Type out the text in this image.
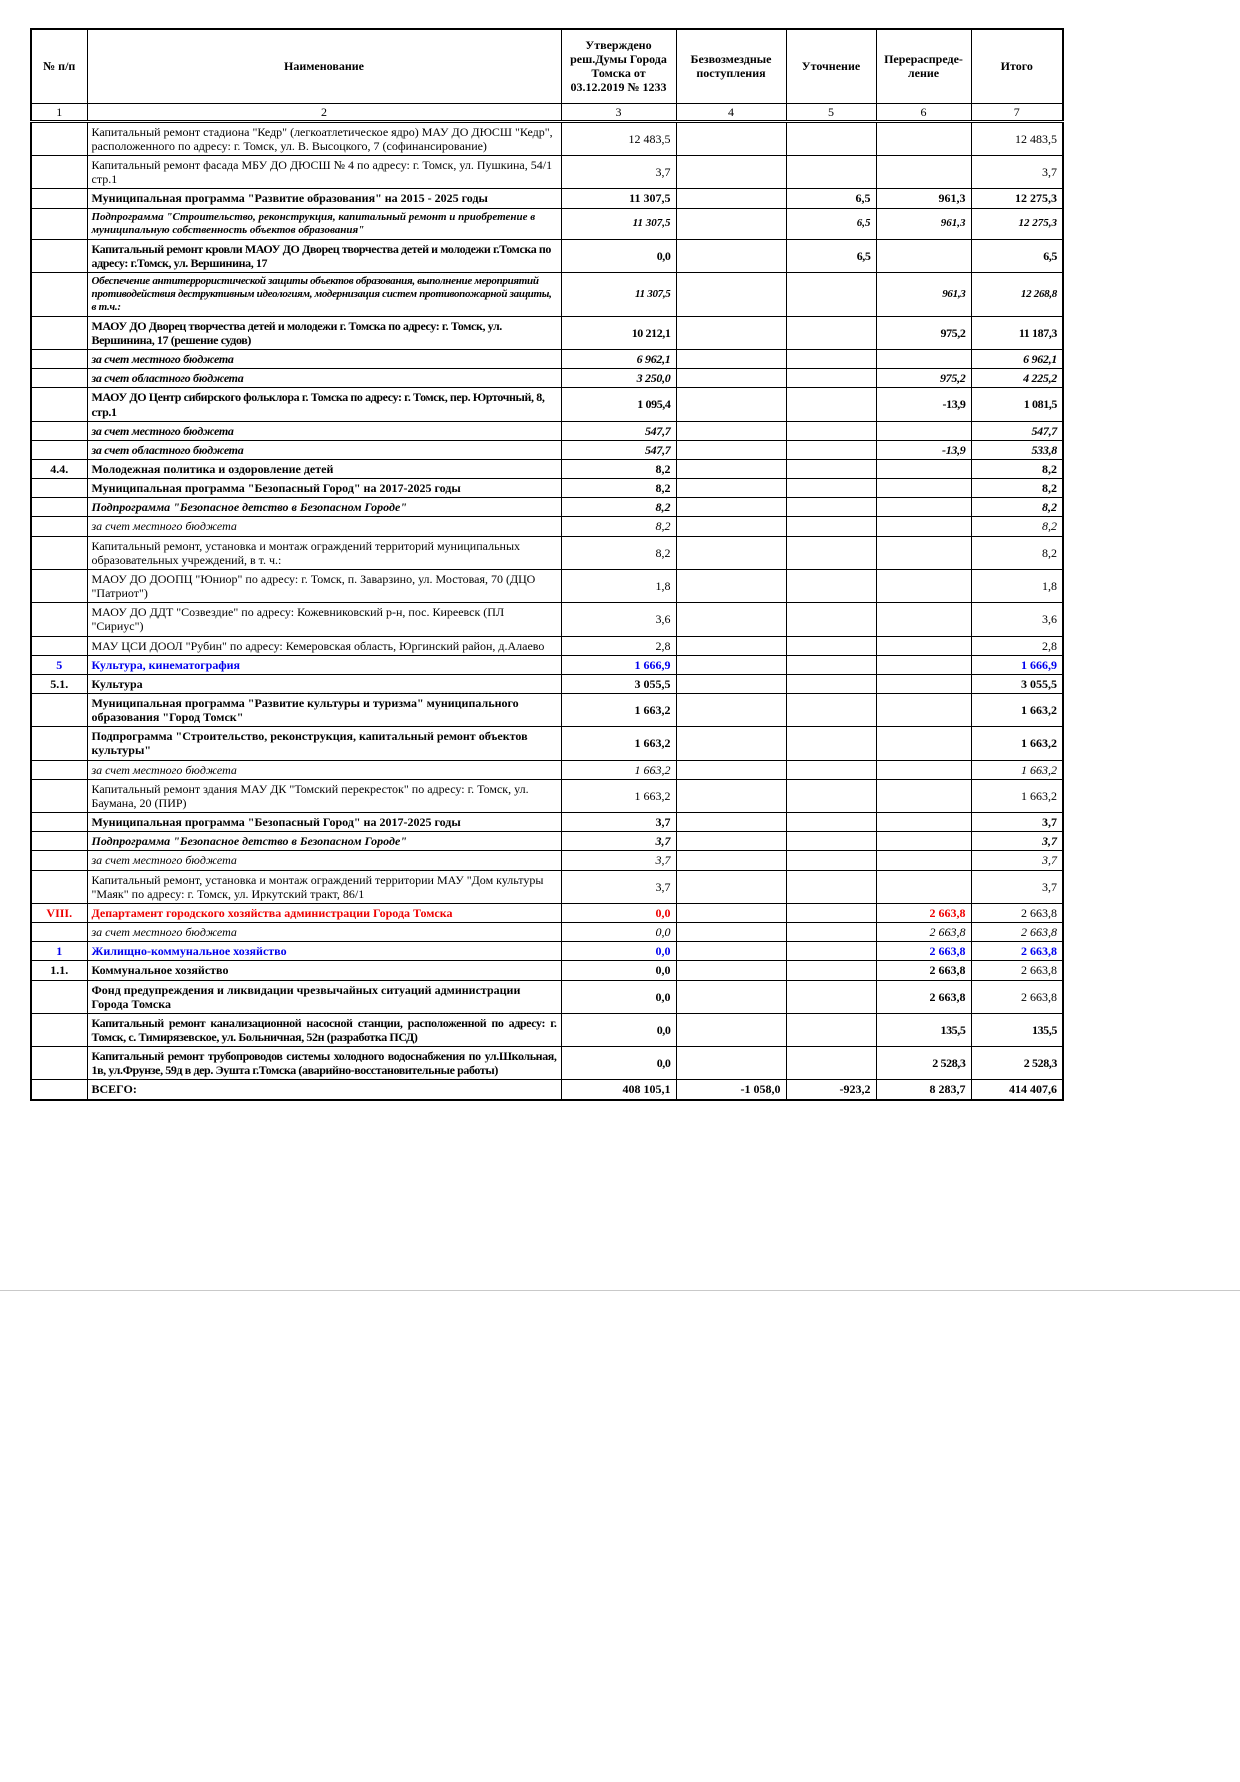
№ п/п	Наименование	Утверждено реш.Думы Города Томска от 03.12.2019 № 1233	Безвозмездные поступления	Уточнение	Перераспреде-ление	Итого
1	2	3	4	5	6	7
	Капитальный ремонт стадиона "Кедр" (легкоатлетическое ядро) МАУ ДО ДЮСШ "Кедр", расположенного по адресу: г. Томск, ул. В. Высоцкого, 7 (софинансирование)	12 483,5				12 483,5
	Капитальный ремонт фасада МБУ ДО ДЮСШ № 4 по адресу: г. Томск, ул. Пушкина, 54/1 стр.1	3,7				3,7
	Муниципальная программа "Развитие образования" на 2015 - 2025 годы	11 307,5		6,5	961,3	12 275,3
	Подпрограмма "Строительство, реконструкция, капитальный ремонт и приобретение в муниципальную собственность объектов образования"	11 307,5		6,5	961,3	12 275,3
	Капитальный ремонт кровли МАОУ ДО Дворец творчества детей и молодежи г.Томска по адресу: г.Томск, ул. Вершинина, 17	0,0		6,5		6,5
	Обеспечение антитеррористической защиты объектов образования, выполнение мероприятий противодействия деструктивным идеологиям, модернизация систем противопожарной защиты, в т.ч.:	11 307,5			961,3	12 268,8
	МАОУ ДО Дворец творчества детей и молодежи г. Томска по адресу: г. Томск, ул. Вершинина, 17 (решение судов)	10 212,1			975,2	11 187,3
	за счет местного бюджета	6 962,1				6 962,1
	за счет областного бюджета	3 250,0			975,2	4 225,2
	МАОУ ДО Центр сибирского фольклора г. Томска по адресу: г. Томск, пер. Юрточный, 8, стр.1	1 095,4			-13,9	1 081,5
	за счет местного бюджета	547,7				547,7
	за счет областного бюджета	547,7			-13,9	533,8
4.4.	Молодежная политика и оздоровление детей	8,2				8,2
	Муниципальная программа "Безопасный Город" на 2017-2025 годы	8,2				8,2
	Подпрограмма "Безопасное детство в Безопасном Городе"	8,2				8,2
	за счет местного бюджета	8,2				8,2
	Капитальный ремонт, установка и монтаж ограждений территорий муниципальных образовательных учреждений, в т. ч.:	8,2				8,2
	МАОУ ДО ДООПЦ "Юниор" по адресу: г. Томск, п. Заварзино, ул. Мостовая, 70 (ДЦО "Патриот")	1,8				1,8
	МАОУ ДО ДДТ "Созвездие" по адресу: Кожевниковский р-н, пос. Киреевск (ПЛ "Сириус")	3,6				3,6
	МАУ ЦСИ ДООЛ "Рубин" по адресу: Кемеровская область, Юргинский район, д.Алаево	2,8				2,8
5	Культура, кинематография	1 666,9				1 666,9
5.1.	Культура	3 055,5				3 055,5
	Муниципальная программа "Развитие культуры и туризма" муниципального образования "Город Томск"	1 663,2				1 663,2
	Подпрограмма "Строительство, реконструкция, капитальный ремонт объектов культуры"	1 663,2				1 663,2
	за счет местного бюджета	1 663,2				1 663,2
	Капитальный ремонт здания МАУ ДК "Томский перекресток" по адресу: г. Томск, ул. Баумана, 20 (ПИР)	1 663,2				1 663,2
	Муниципальная программа "Безопасный Город" на 2017-2025 годы	3,7				3,7
	Подпрограмма "Безопасное детство в Безопасном Городе"	3,7				3,7
	за счет местного бюджета	3,7				3,7
	Капитальный ремонт, установка и монтаж ограждений территории МАУ "Дом культуры "Маяк" по адресу: г. Томск, ул. Иркутский тракт, 86/1	3,7				3,7
VIII.	Департамент городского хозяйства администрации Города Томска	0,0			2 663,8	2 663,8
	за счет местного бюджета	0,0			2 663,8	2 663,8
1	Жилищно-коммунальное хозяйство	0,0			2 663,8	2 663,8
1.1.	Коммунальное хозяйство	0,0			2 663,8	2 663,8
	Фонд предупреждения и ликвидации чрезвычайных ситуаций администрации Города Томска	0,0			2 663,8	2 663,8
	Капитальный ремонт канализационной насосной станции, расположенной по адресу: г. Томск, с. Тимирязевское, ул. Больничная, 52н (разработка ПСД)	0,0			135,5	135,5
	Капитальный ремонт трубопроводов системы холодного водоснабжения по ул.Школьная, 1в, ул.Фрунзе, 59д в дер. Эушта г.Томска (аварийно-восстановительные работы)	0,0			2 528,3	2 528,3
	ВСЕГО:	408 105,1	-1 058,0	-923,2	8 283,7	414 407,6
